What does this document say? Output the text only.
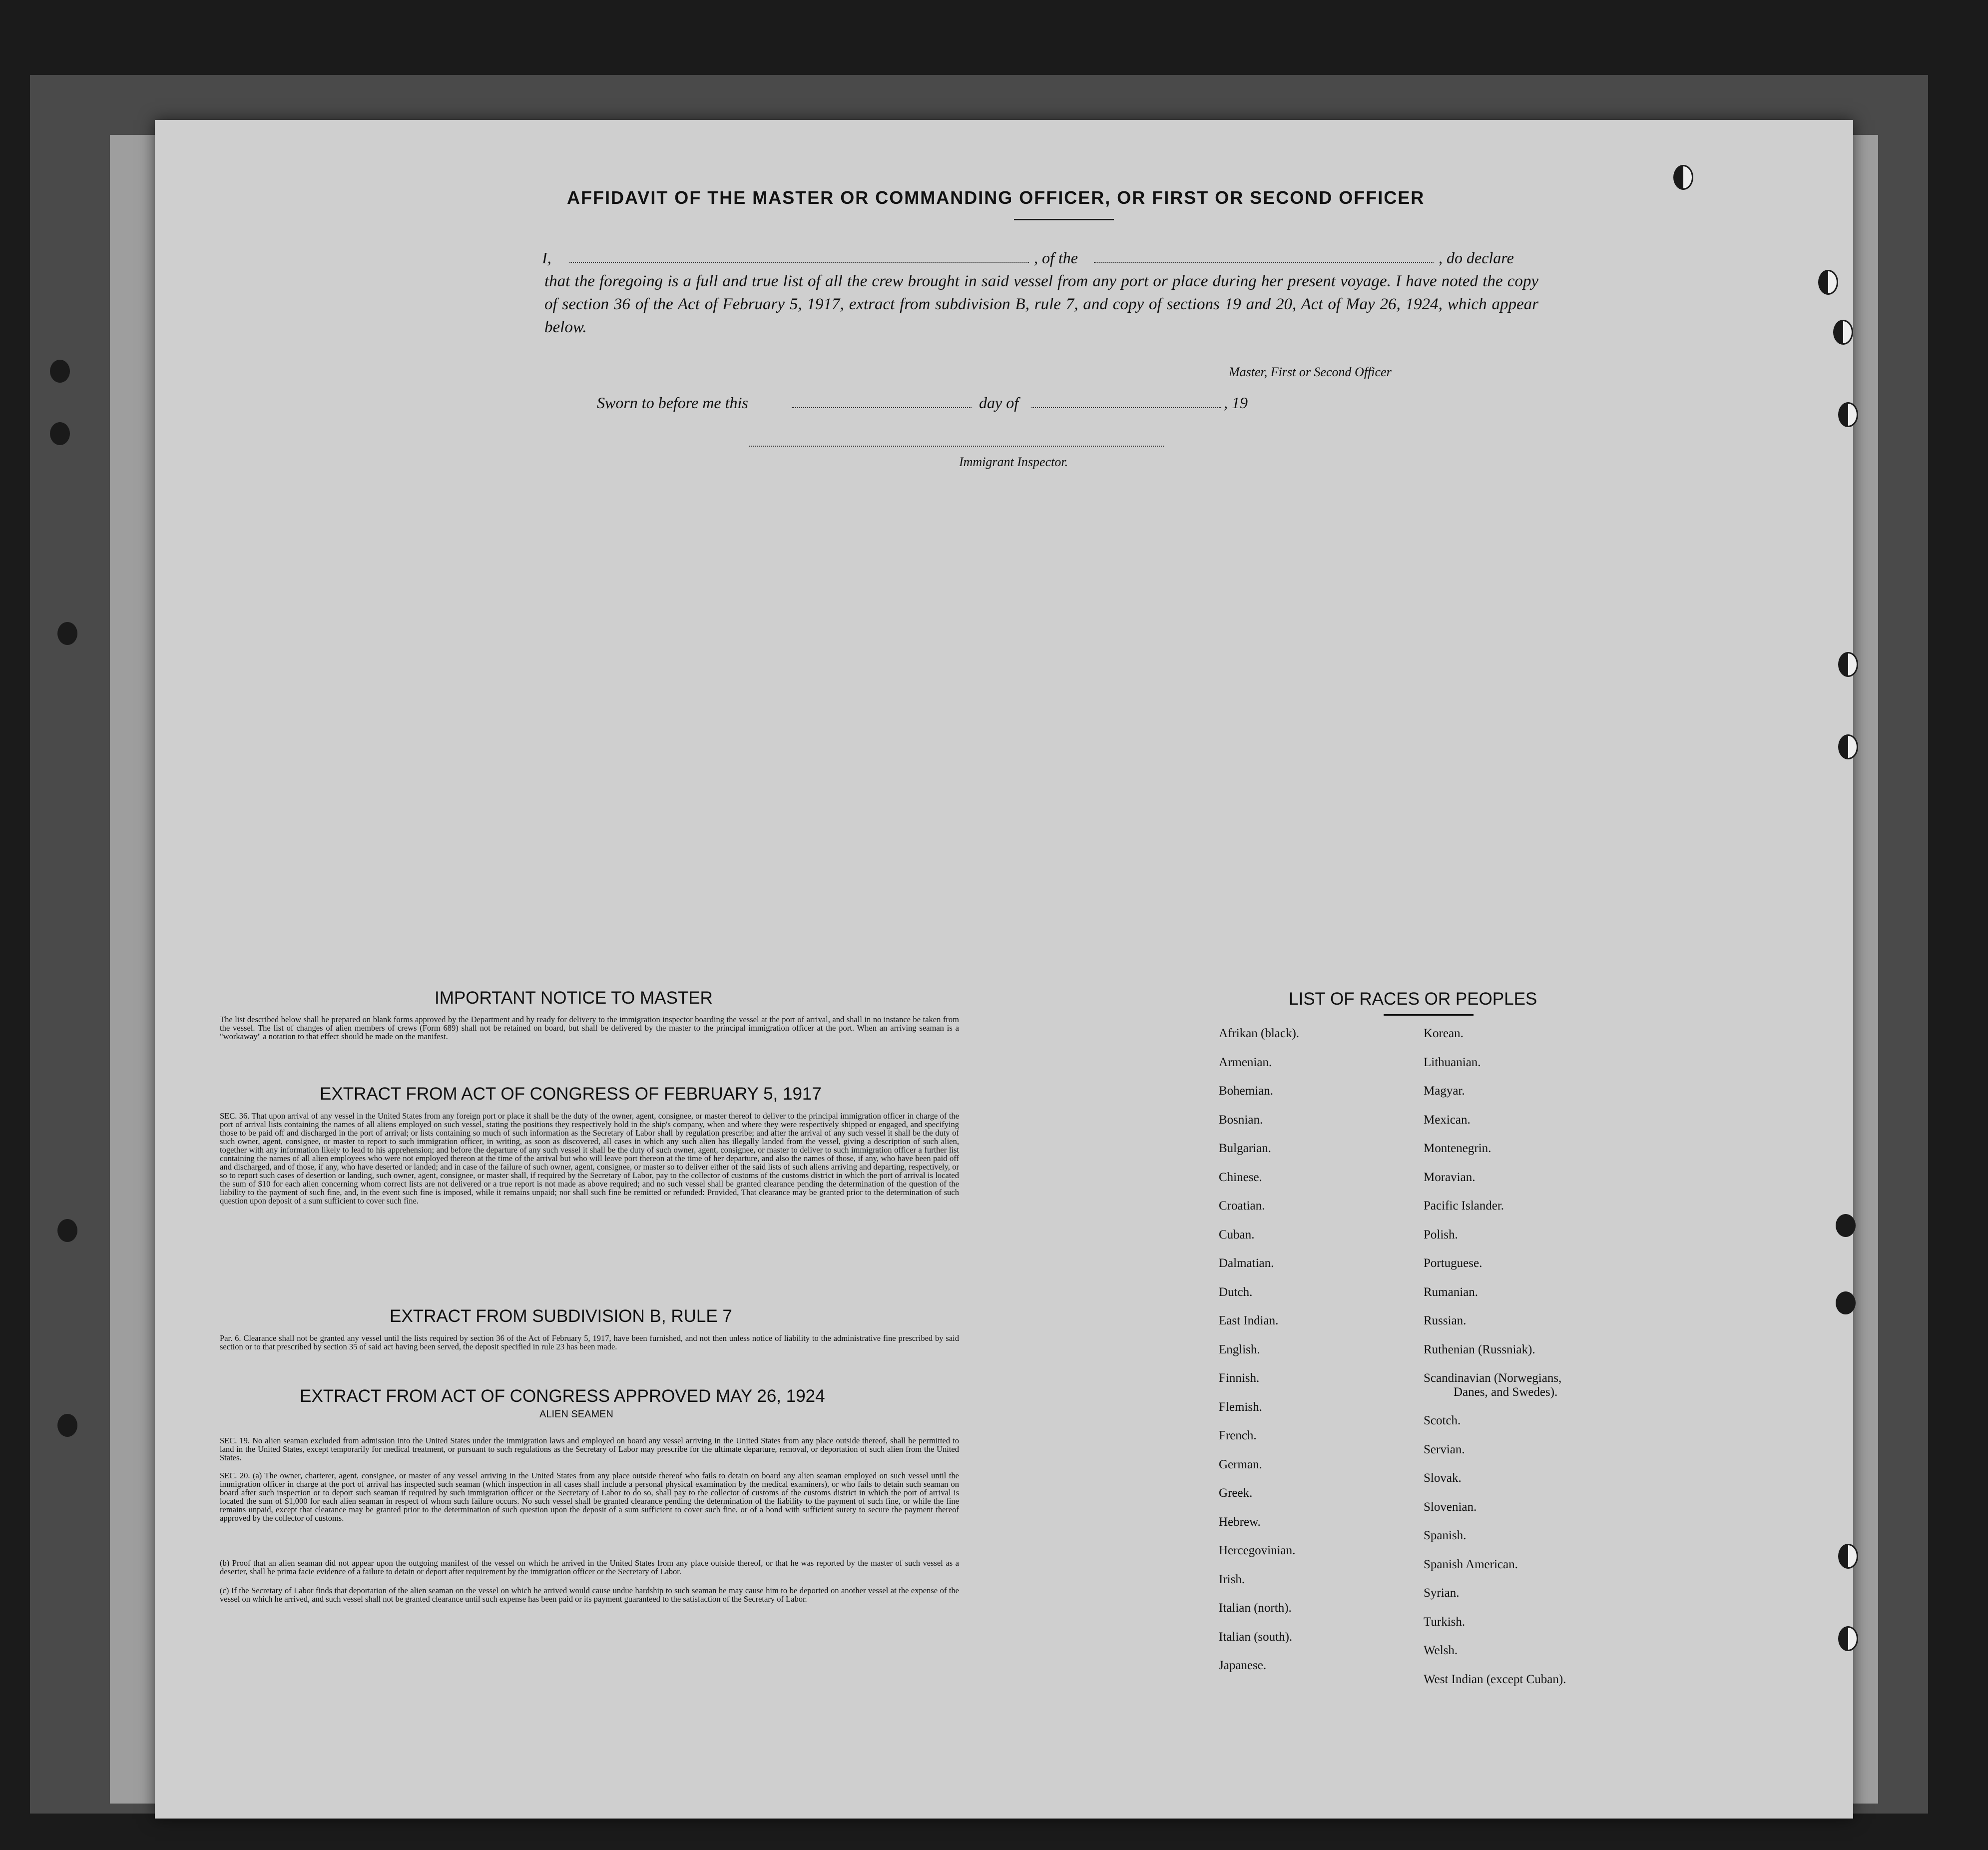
AFFIDAVIT OF THE MASTER OR COMMANDING OFFICER, OR FIRST OR SECOND OFFICER
I,	, of the	, do declare
that the foregoing is a full and true list of all the crew brought in said vessel from any port or place during her present voyage. I have noted the copy of section 36 of the Act of February 5, 1917, extract from subdivision B, rule 7, and copy of sections 19 and 20, Act of May 26, 1924, which appear below.
Master, First or Second Officer
Sworn to before me this	day of	, 19
Immigrant Inspector.
IMPORTANT NOTICE TO MASTER
The list described below shall be prepared on blank forms approved by the Department and by ready for delivery to the immigration inspector boarding the vessel at the port of arrival, and shall in no instance be taken from the vessel. The list of changes of alien members of crews (Form 689) shall not be retained on board, but shall be delivered by the master to the principal immigration officer at the port. When an arriving seaman is a "workaway" a notation to that effect should be made on the manifest.
EXTRACT FROM ACT OF CONGRESS OF FEBRUARY 5, 1917
SEC. 36. That upon arrival of any vessel in the United States from any foreign port or place it shall be the duty of the owner, agent, consignee, or master thereof to deliver to the principal immigration officer in charge of the port of arrival lists containing the names of all aliens employed on such vessel, stating the positions they respectively hold in the ship's company, when and where they were respectively shipped or engaged, and specifying those to be paid off and discharged in the port of arrival; or lists containing so much of such information as the Secretary of Labor shall by regulation prescribe; and after the arrival of any such vessel it shall be the duty of such owner, agent, consignee, or master to report to such immigration officer, in writing, as soon as discovered, all cases in which any such alien has illegally landed from the vessel, giving a description of such alien, together with any information likely to lead to his apprehension; and before the departure of any such vessel it shall be the duty of such owner, agent, consignee, or master to deliver to such immigration officer a further list containing the names of all alien employees who were not employed thereon at the time of the arrival but who will leave port thereon at the time of her departure, and also the names of those, if any, who have been paid off and discharged, and of those, if any, who have deserted or landed; and in case of the failure of such owner, agent, consignee, or master so to deliver either of the said lists of such aliens arriving and departing, respectively, or so to report such cases of desertion or landing, such owner, agent, consignee, or master shall, if required by the Secretary of Labor, pay to the collector of customs of the customs district in which the port of arrival is located the sum of $10 for each alien concerning whom correct lists are not delivered or a true report is not made as above required; and no such vessel shall be granted clearance pending the determination of the question of the liability to the payment of such fine, and, in the event such fine is imposed, while it remains unpaid; nor shall such fine be remitted or refunded: Provided, That clearance may be granted prior to the determination of such question upon deposit of a sum sufficient to cover such fine.
EXTRACT FROM SUBDIVISION B, RULE 7
Par. 6. Clearance shall not be granted any vessel until the lists required by section 36 of the Act of February 5, 1917, have been furnished, and not then unless notice of liability to the administrative fine prescribed by said section or to that prescribed by section 35 of said act having been served, the deposit specified in rule 23 has been made.
EXTRACT FROM ACT OF CONGRESS APPROVED MAY 26, 1924
ALIEN SEAMEN
SEC. 19. No alien seaman excluded from admission into the United States under the immigration laws and employed on board any vessel arriving in the United States from any place outside thereof, shall be permitted to land in the United States, except temporarily for medical treatment, or pursuant to such regulations as the Secretary of Labor may prescribe for the ultimate departure, removal, or deportation of such alien from the United States.
SEC. 20. (a) The owner, charterer, agent, consignee, or master of any vessel arriving in the United States from any place outside thereof who fails to detain on board any alien seaman employed on such vessel until the immigration officer in charge at the port of arrival has inspected such seaman (which inspection in all cases shall include a personal physical examination by the medical examiners), or who fails to detain such seaman on board after such inspection or to deport such seaman if required by such immigration officer or the Secretary of Labor to do so, shall pay to the collector of customs of the customs district in which the port of arrival is located the sum of $1,000 for each alien seaman in respect of whom such failure occurs. No such vessel shall be granted clearance pending the determination of the liability to the payment of such fine, or while the fine remains unpaid, except that clearance may be granted prior to the determination of such question upon the deposit of a sum sufficient to cover such fine, or of a bond with sufficient surety to secure the payment thereof approved by the collector of customs.
(b) Proof that an alien seaman did not appear upon the outgoing manifest of the vessel on which he arrived in the United States from any place outside thereof, or that he was reported by the master of such vessel as a deserter, shall be prima facie evidence of a failure to detain or deport after requirement by the immigration officer or the Secretary of Labor.
(c) If the Secretary of Labor finds that deportation of the alien seaman on the vessel on which he arrived would cause undue hardship to such seaman he may cause him to be deported on another vessel at the expense of the vessel on which he arrived, and such vessel shall not be granted clearance until such expense has been paid or its payment guaranteed to the satisfaction of the Secretary of Labor.
LIST OF RACES OR PEOPLES
Afrikan (black).
Armenian.
Bohemian.
Bosnian.
Bulgarian.
Chinese.
Croatian.
Cuban.
Dalmatian.
Dutch.
East Indian.
English.
Finnish.
Flemish.
French.
German.
Greek.
Hebrew.
Hercegovinian.
Irish.
Italian (north).
Italian (south).
Japanese.
Korean.
Lithuanian.
Magyar.
Mexican.
Montenegrin.
Moravian.
Pacific Islander.
Polish.
Portuguese.
Rumanian.
Russian.
Ruthenian (Russniak).
Scandinavian (Norwegians,
Danes, and Swedes).
Scotch.
Servian.
Slovak.
Slovenian.
Spanish.
Spanish American.
Syrian.
Turkish.
Welsh.
West Indian (except Cuban).
